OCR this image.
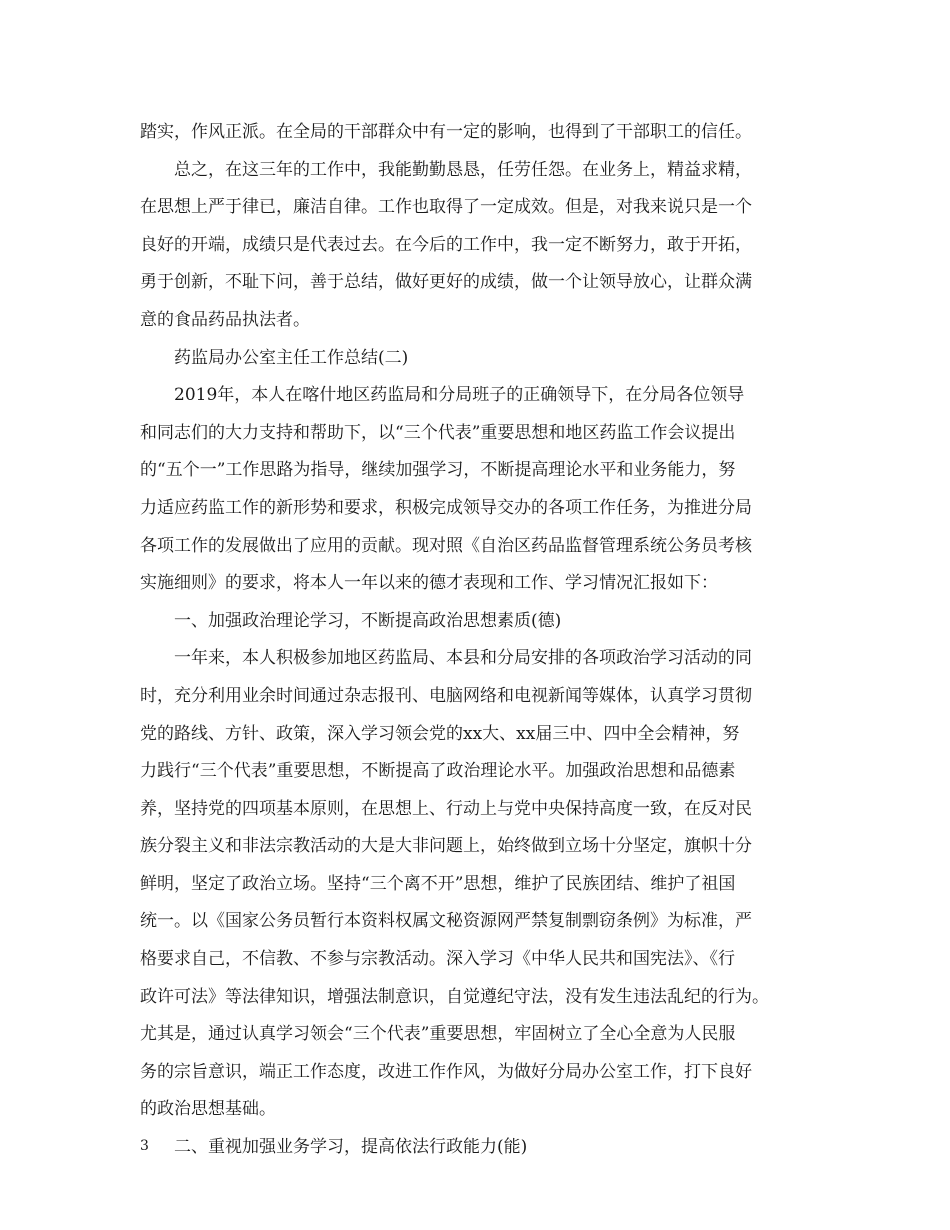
踏实，作风正派。在全局的干部群众中有一定的影响，也得到了干部职工的信任。
总之，在这三年的工作中，我能勤勤恳恳，任劳任怨。在业务上，精益求精，
在思想上严于律已，廉洁自律。工作也取得了一定成效。但是，对我来说只是一个
良好的开端，成绩只是代表过去。在今后的工作中，我一定不断努力，敢于开拓，
勇于创新，不耻下问，善于总结，做好更好的成绩，做一个让领导放心，让群众满
意的食品药品执法者。
药监局办公室主任工作总结(二)
2019年，本人在喀什地区药监局和分局班子的正确领导下，在分局各位领导
和同志们的大力支持和帮助下，以“三个代表”重要思想和地区药监工作会议提出
的“五个一”工作思路为指导，继续加强学习，不断提高理论水平和业务能力，努
力适应药监工作的新形势和要求，积极完成领导交办的各项工作任务，为推进分局
各项工作的发展做出了应用的贡献。现对照《自治区药品监督管理系统公务员考核
实施细则》的要求，将本人一年以来的德才表现和工作、学习情况汇报如下：
一、加强政治理论学习，不断提高政治思想素质(德)
一年来，本人积极参加地区药监局、本县和分局安排的各项政治学习活动的同
时，充分利用业余时间通过杂志报刊、电脑网络和电视新闻等媒体，认真学习贯彻
党的路线、方针、政策，深入学习领会党的xx大、xx届三中、四中全会精神，努
力践行“三个代表”重要思想，不断提高了政治理论水平。加强政治思想和品德素
养，坚持党的四项基本原则，在思想上、行动上与党中央保持高度一致，在反对民
族分裂主义和非法宗教活动的大是大非问题上，始终做到立场十分坚定，旗帜十分
鲜明，坚定了政治立场。坚持“三个离不开”思想，维护了民族团结、维护了祖国
统一。以《国家公务员暂行本资料权属文秘资源网严禁复制剽窃条例》为标准，严
格要求自己，不信教、不参与宗教活动。深入学习《中华人民共和国宪法》、《行
政许可法》等法律知识，增强法制意识，自觉遵纪守法，没有发生违法乱纪的行为。
尤其是，通过认真学习领会“三个代表”重要思想，牢固树立了全心全意为人民服
务的宗旨意识，端正工作态度，改进工作作风，为做好分局办公室工作，打下良好
的政治思想基础。
二、重视加强业务学习，提高依法行政能力(能)
3
